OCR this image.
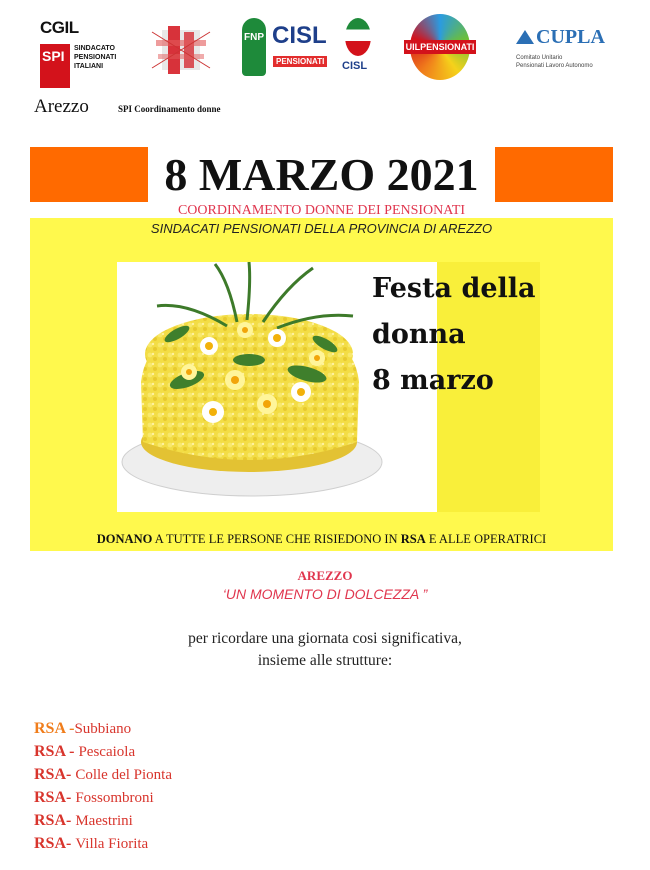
CGIL
SPI SINDACATO
PENSIONATI
ITALIANI
FNP CISL
PENSIONATI CISL
UILPENSIONATI	CUPLA
Comitato Unitario
Pensionati Lavoro Autonomo
Arezzo	SPI Coordinamento donne
8 MARZO 2021
COORDINAMENTO DONNE DEI PENSIONATI
SINDACATI PENSIONATI DELLA PROVINCIA DI AREZZO
Festa della
donna
8 marzo
DONANO A TUTTE LE PERSONE CHE RISIEDONO IN RSA E ALLE OPERATRICI
AREZZO
‘UN MOMENTO DI DOLCEZZA ”
per ricordare una giornata cosi significativa,
insieme alle strutture:
RSA -Subbiano
RSA - Pescaiola
RSA- Colle del Pionta
RSA- Fossombroni
RSA- Maestrini
RSA- Villa Fiorita
